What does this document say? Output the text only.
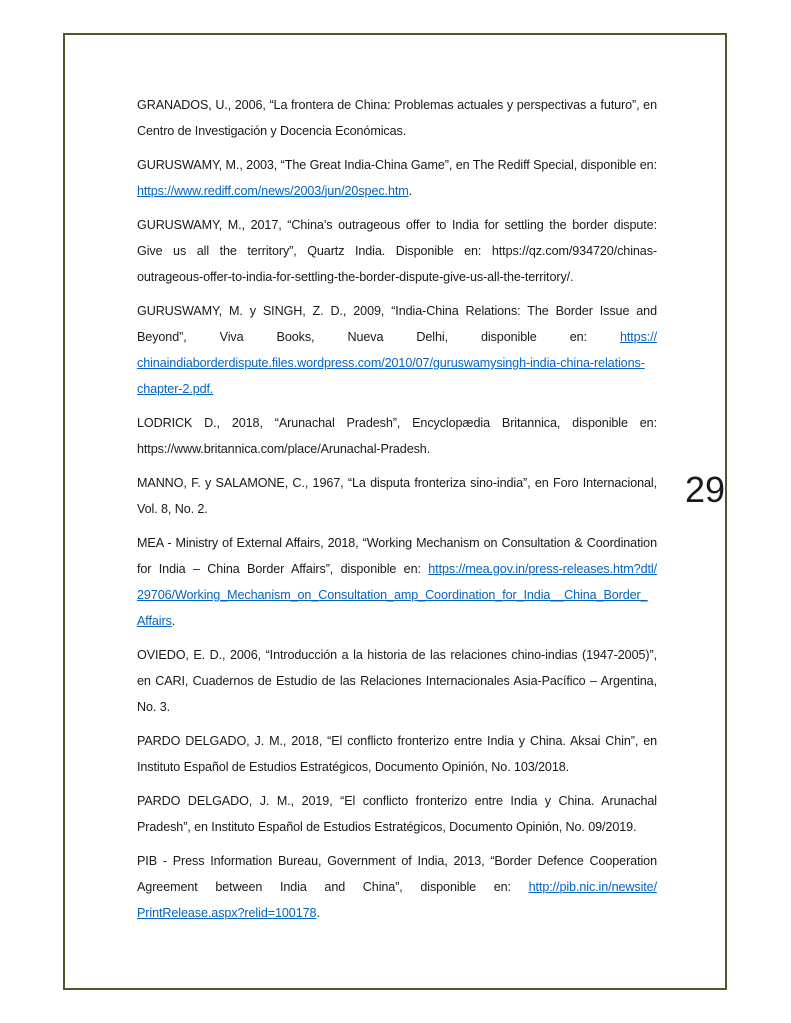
GRANADOS, U., 2006, “La frontera de China: Problemas actuales y perspectivas a futuro”, en Centro de Investigación y Docencia Económicas.

GURUSWAMY, M., 2003, “The Great India-China Game”, en The Rediff Special, disponible en: https://www.rediff.com/news/2003/jun/20spec.htm.

GURUSWAMY, M., 2017, “China’s outrageous offer to India for settling the border dispute: Give us all the territory”, Quartz India. Disponible en: https://qz.com/934720/chinas-outrageous-offer-to-india-for-settling-the-border-dispute-give-us-all-the-territory/.

GURUSWAMY, M. y SINGH, Z. D., 2009, “India-China Relations: The Border Issue and Beyond”, Viva Books, Nueva Delhi, disponible en: https://chinaindiaborderdispute.files.wordpress.com/2010/07/guruswamysingh-india-china-relations-chapter-2.pdf.

LODRICK D., 2018, “Arunachal Pradesh”, Encyclopædia Britannica, disponible en: https://www.britannica.com/place/Arunachal-Pradesh.

MANNO, F. y SALAMONE, C., 1967, “La disputa fronteriza sino-india”, en Foro Internacional, Vol. 8, No. 2.

MEA - Ministry of External Affairs, 2018, “Working Mechanism on Consultation & Coordination for India – China Border Affairs”, disponible en: https://mea.gov.in/press-releases.htm?dtl/29706/Working_Mechanism_on_Consultation_amp_Coordination_for_India__China_Border_Affairs.

OVIEDO, E. D., 2006, “Introducción a la historia de las relaciones chino-indias (1947-2005)”, en CARI, Cuadernos de Estudio de las Relaciones Internacionales Asia-Pacífico – Argentina, No. 3.

PARDO DELGADO, J. M., 2018, “El conflicto fronterizo entre India y China. Aksai Chin”, en Instituto Español de Estudios Estratégicos, Documento Opinión, No. 103/2018.

PARDO DELGADO, J. M., 2019, “El conflicto fronterizo entre India y China. Arunachal Pradesh”, en Instituto Español de Estudios Estratégicos, Documento Opinión, No. 09/2019.

PIB - Press Information Bureau, Government of India, 2013, “Border Defence Cooperation Agreement between India and China”, disponible en: http://pib.nic.in/newsite/PrintRelease.aspx?relid=100178.

29
